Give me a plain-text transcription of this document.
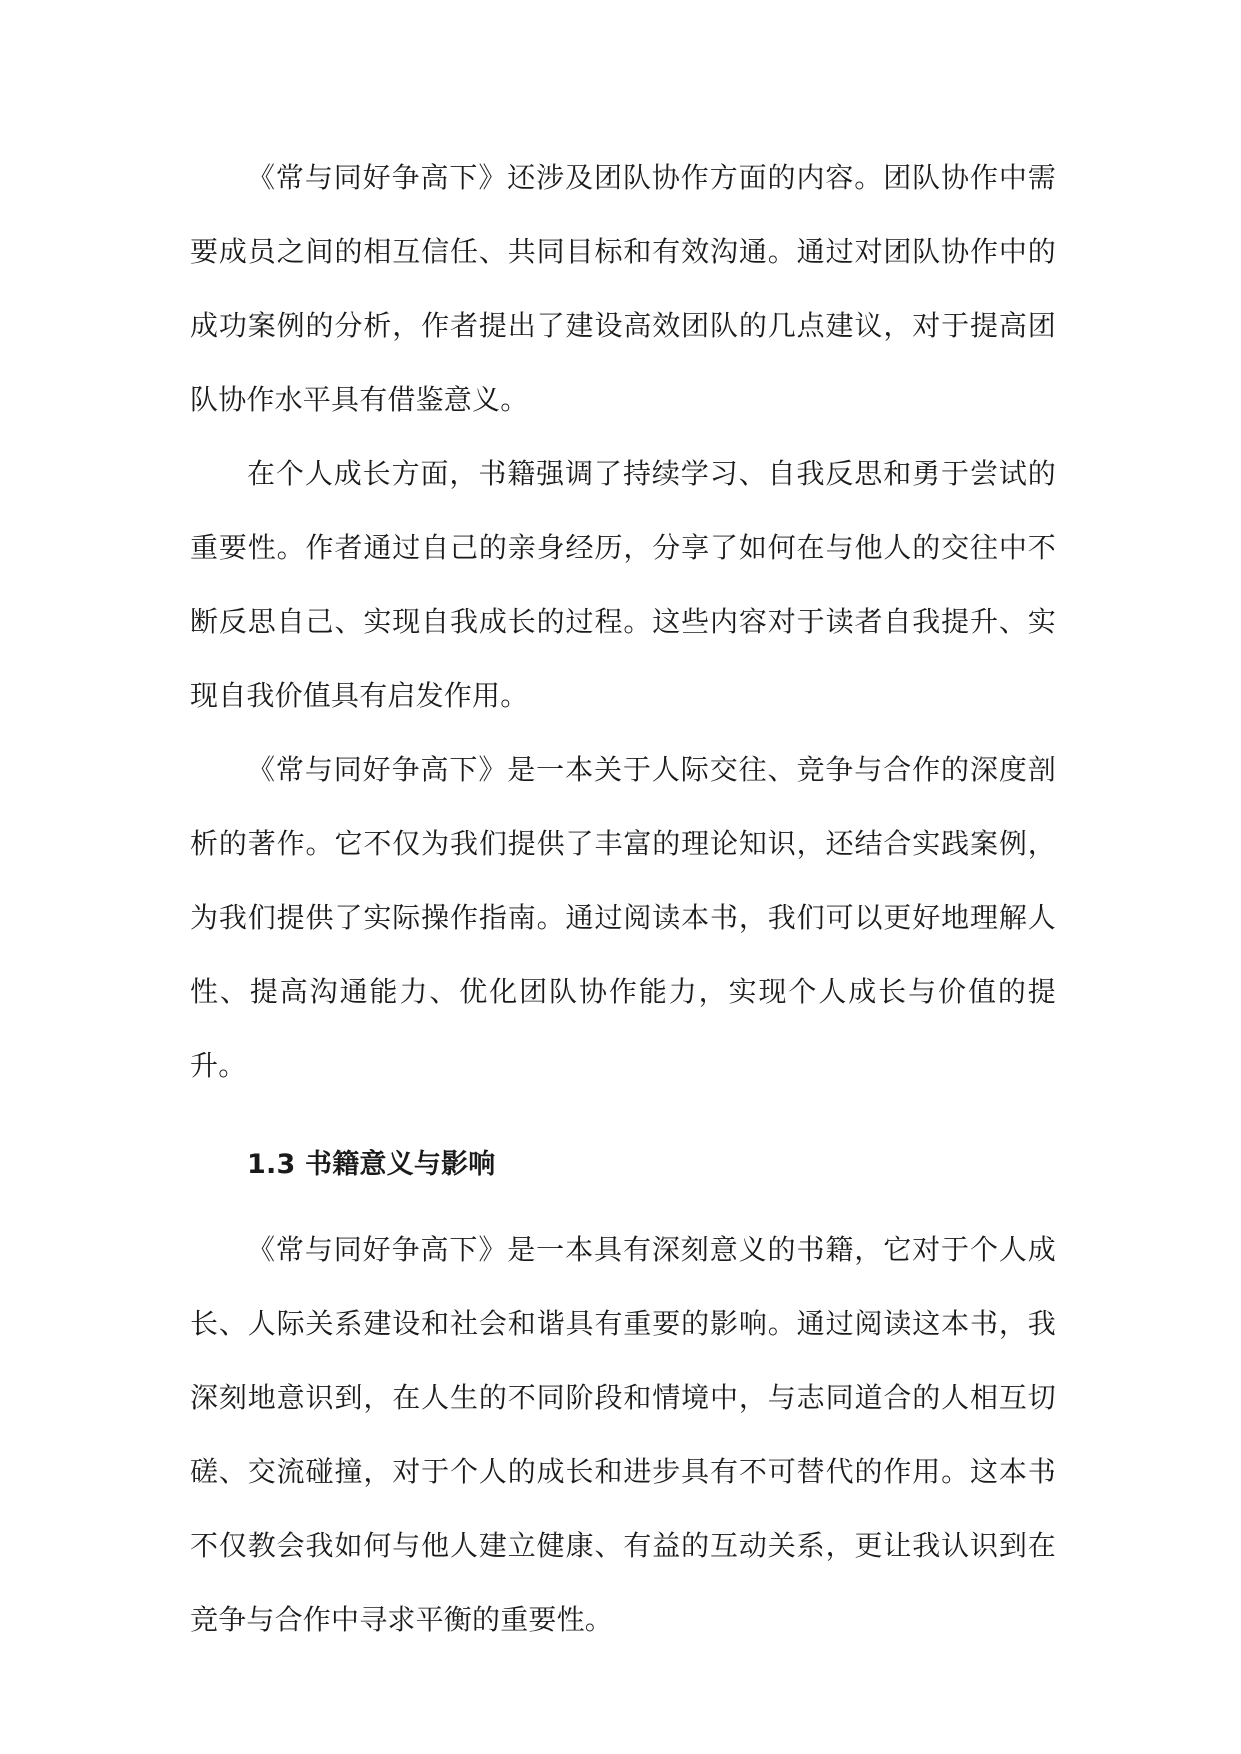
《常与同好争高下》还涉及团队协作方面的内容。团队协作中需要成员之间的相互信任、共同目标和有效沟通。通过对团队协作中的成功案例的分析，作者提出了建设高效团队的几点建议，对于提高团队协作水平具有借鉴意义。

在个人成长方面，书籍强调了持续学习、自我反思和勇于尝试的重要性。作者通过自己的亲身经历，分享了如何在与他人的交往中不断反思自己、实现自我成长的过程。这些内容对于读者自我提升、实现自我价值具有启发作用。

《常与同好争高下》是一本关于人际交往、竞争与合作的深度剖析的著作。它不仅为我们提供了丰富的理论知识，还结合实践案例，为我们提供了实际操作指南。通过阅读本书，我们可以更好地理解人性、提高沟通能力、优化团队协作能力，实现个人成长与价值的提升。

1.3 书籍意义与影响

《常与同好争高下》是一本具有深刻意义的书籍，它对于个人成长、人际关系建设和社会和谐具有重要的影响。通过阅读这本书，我深刻地意识到，在人生的不同阶段和情境中，与志同道合的人相互切磋、交流碰撞，对于个人的成长和进步具有不可替代的作用。这本书不仅教会我如何与他人建立健康、有益的互动关系，更让我认识到在竞争与合作中寻求平衡的重要性。
